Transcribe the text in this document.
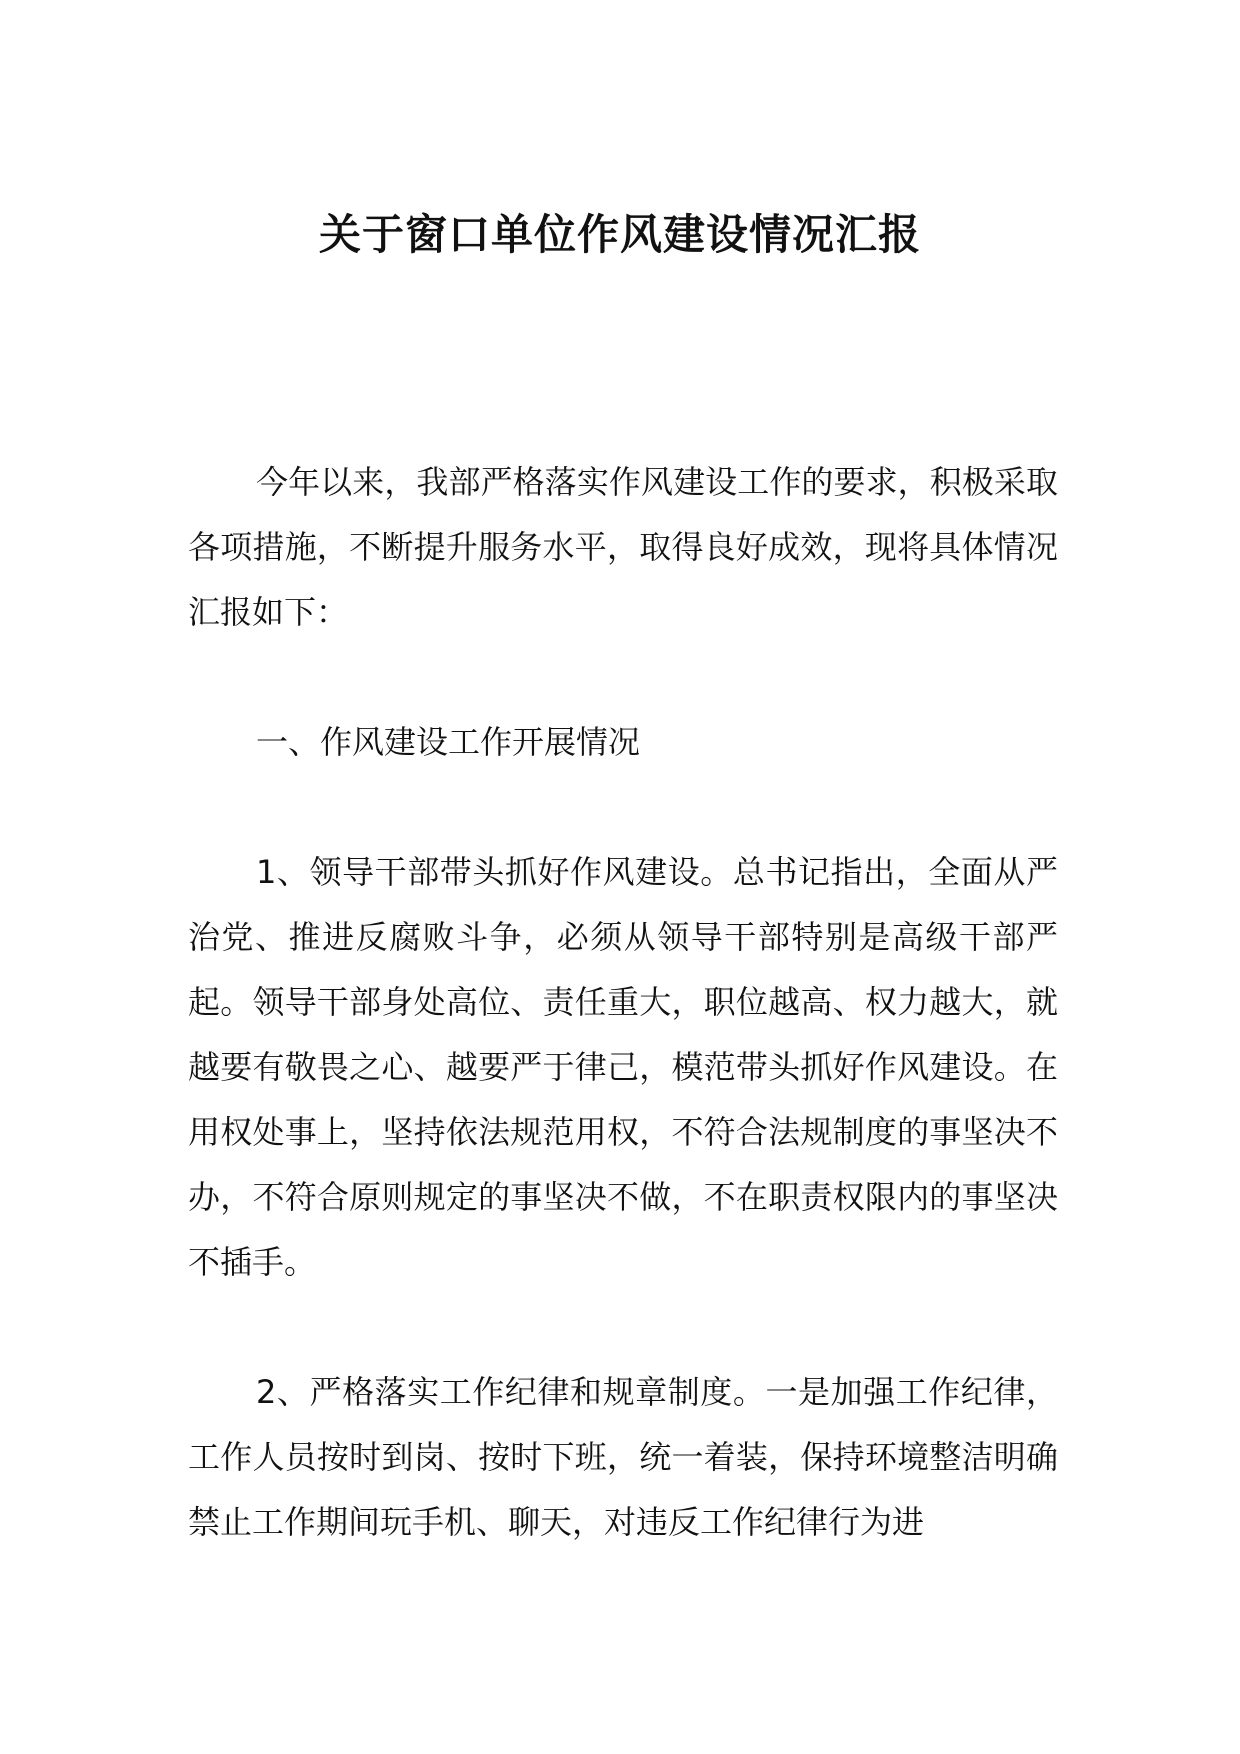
关于窗口单位作风建设情况汇报

今年以来，我部严格落实作风建设工作的要求，积极采取各项措施，不断提升服务水平，取得良好成效，现将具体情况汇报如下：

一、作风建设工作开展情况

1、领导干部带头抓好作风建设。总书记指出，全面从严治党、推进反腐败斗争，必须从领导干部特别是高级干部严起。领导干部身处高位、责任重大，职位越高、权力越大，就越要有敬畏之心、越要严于律己，模范带头抓好作风建设。在用权处事上，坚持依法规范用权，不符合法规制度的事坚决不办，不符合原则规定的事坚决不做，不在职责权限内的事坚决不插手。

2、严格落实工作纪律和规章制度。一是加强工作纪律，工作人员按时到岗、按时下班，统一着装，保持环境整洁明确禁止工作期间玩手机、聊天，对违反工作纪律行为进
